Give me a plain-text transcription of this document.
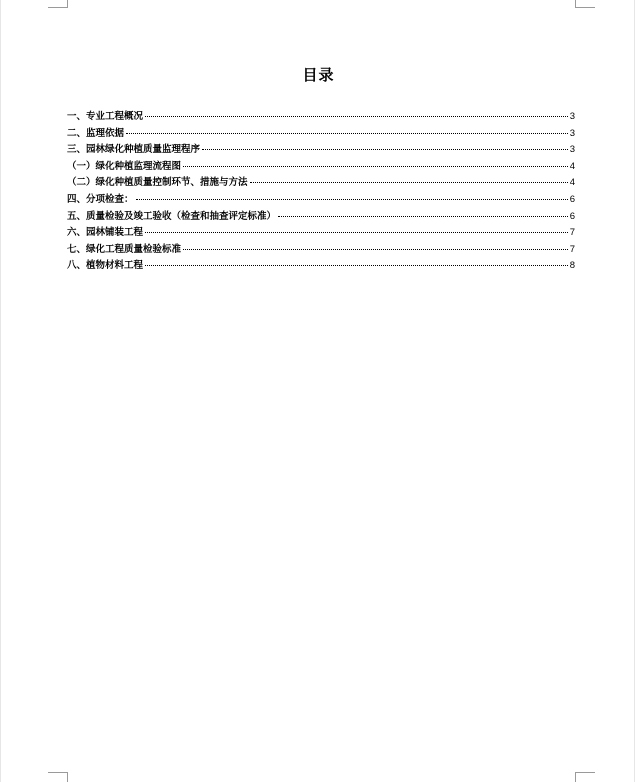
目录
一、专业工程概况	3
二、监理依据	3
三、园林绿化种植质量监理程序	3
（一）绿化种植监理流程图	4
（二）绿化种植质量控制环节、措施与方法	4
四、分项检查：	6
五、质量检验及竣工验收（检查和抽查评定标准）	6
六、园林铺装工程	7
七、绿化工程质量检验标准	7
八、植物材料工程	8
